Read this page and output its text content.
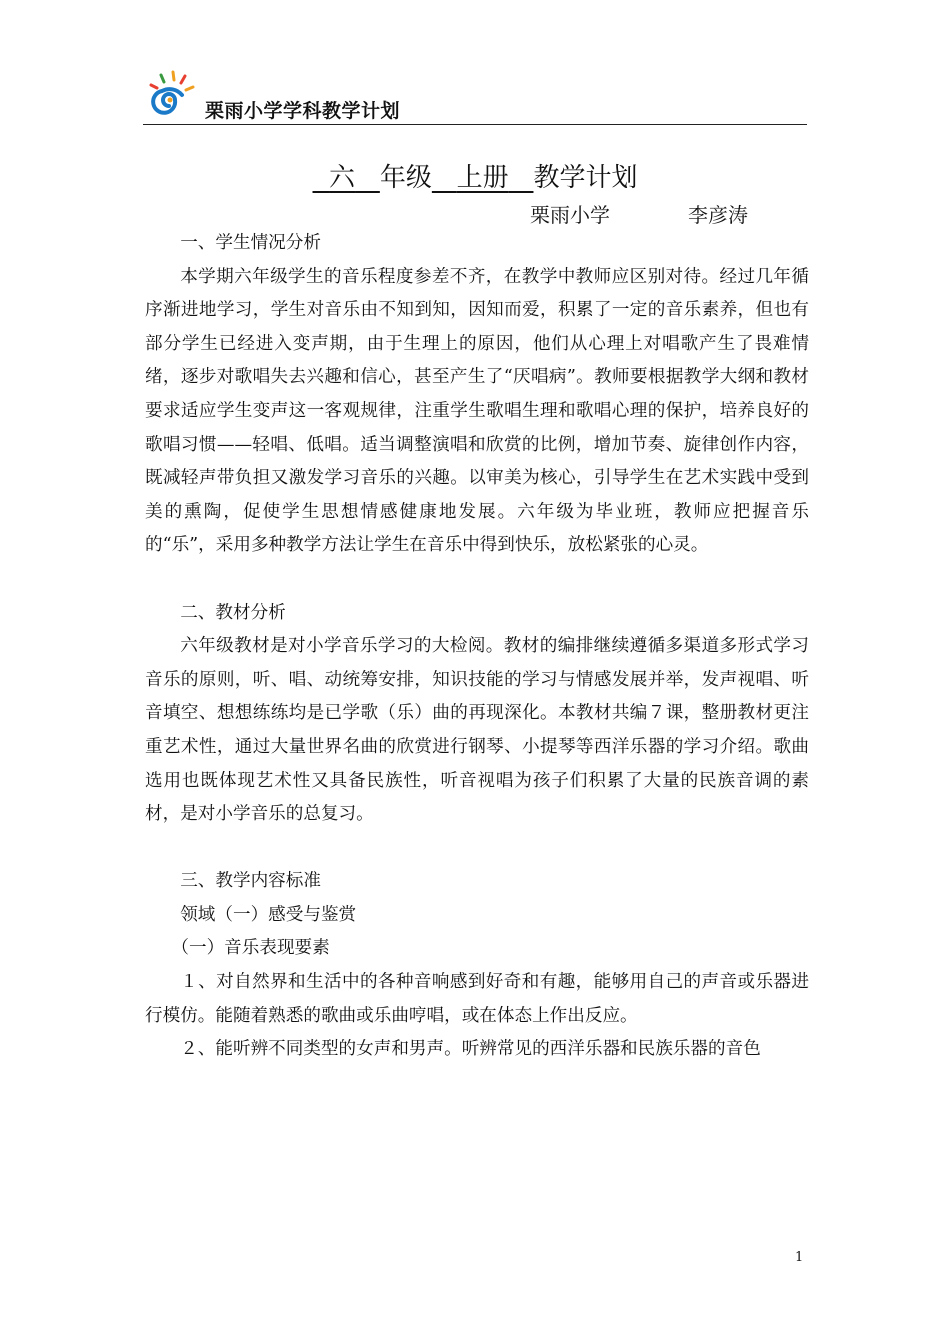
栗雨小学学科教学计划
六 年级 上册 教学计划
栗雨小学	李彦涛

一、学生情况分析

本学期六年级学生的音乐程度参差不齐，在教学中教师应区别对待。经过几年循序渐进地学习，学生对音乐由不知到知，因知而爱，积累了一定的音乐素养，但也有部分学生已经进入变声期，由于生理上的原因，他们从心理上对唱歌产生了畏难情绪，逐步对歌唱失去兴趣和信心，甚至产生了“厌唱病”。教师要根据教学大纲和教材要求适应学生变声这一客观规律，注重学生歌唱生理和歌唱心理的保护，培养良好的歌唱习惯——轻唱、低唱。适当调整演唱和欣赏的比例，增加节奏、旋律创作内容，既减轻声带负担又激发学习音乐的兴趣。以审美为核心，引导学生在艺术实践中受到美的熏陶，促使学生思想情感健康地发展。六年级为毕业班，教师应把握音乐的“乐”，采用多种教学方法让学生在音乐中得到快乐，放松紧张的心灵。

二、教材分析

六年级教材是对小学音乐学习的大检阅。教材的编排继续遵循多渠道多形式学习音乐的原则，听、唱、动统筹安排，知识技能的学习与情感发展并举，发声视唱、听音填空、想想练练均是已学歌（乐）曲的再现深化。本教材共编７课，整册教材更注重艺术性，通过大量世界名曲的欣赏进行钢琴、小提琴等西洋乐器的学习介绍。歌曲选用也既体现艺术性又具备民族性，听音视唱为孩子们积累了大量的民族音调的素材，是对小学音乐的总复习。

三、教学内容标准

领域（一）感受与鉴赏

（一）音乐表现要素

１、对自然界和生活中的各种音响感到好奇和有趣，能够用自己的声音或乐器进行模仿。能随着熟悉的歌曲或乐曲哼唱，或在体态上作出反应。

２、能听辨不同类型的女声和男声。听辨常见的西洋乐器和民族乐器的音色

1
